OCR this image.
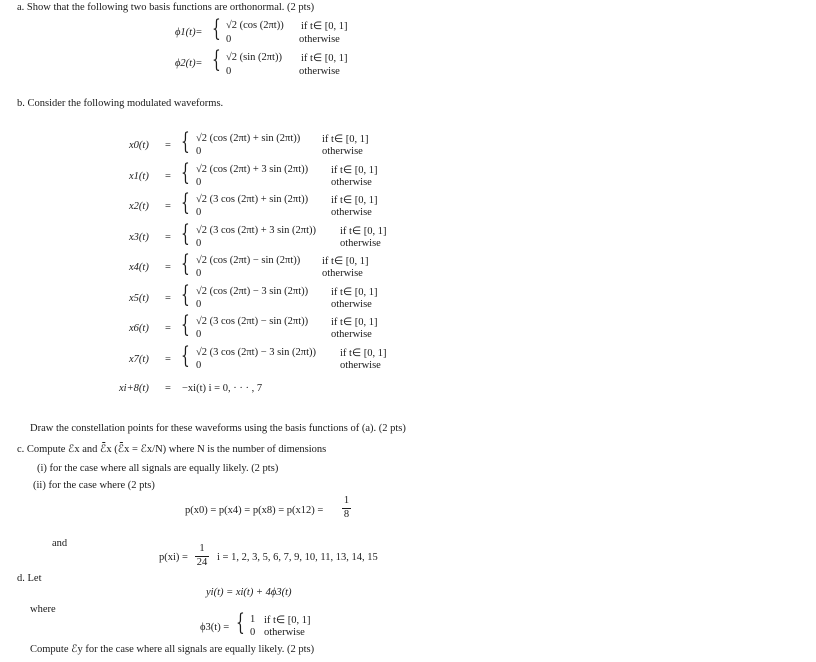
a. Show that the following two basis functions are orthonormal. (2 pts)
ϕ1(t) = { √2 (cos (2πt)) if t∈ [0, 1]
0	otherwise
ϕ2(t) = { √2 (sin (2πt)) if t∈ [0, 1]
0	otherwise
b. Consider the following modulated waveforms.
x0(t) = { √2 (cos (2πt) + sin (2πt)) if t∈ [0, 1]
0	otherwise
x1(t) = { √2 (cos (2πt) + 3 sin (2πt)) if t∈ [0, 1]
0	otherwise
x2(t) = { √2 (3 cos (2πt) + sin (2πt)) if t∈ [0, 1]
0	otherwise
x3(t) = { √2 (3 cos (2πt) + 3 sin (2πt)) if t∈ [0, 1]
0	otherwise
x4(t) = { √2 (cos (2πt) − sin (2πt)) if t∈ [0, 1]
0	otherwise
x5(t) = { √2 (cos (2πt) − 3 sin (2πt)) if t∈ [0, 1]
0	otherwise
x6(t) = { √2 (3 cos (2πt) − sin (2πt)) if t∈ [0, 1]
0	otherwise
x7(t) = { √2 (3 cos (2πt) − 3 sin (2πt)) if t∈ [0, 1]
0	otherwise
xi+8(t) = −xi(t) i = 0, · · · , 7
Draw the constellation points for these waveforms using the basis functions of (a). (2 pts)
c. Compute ℰx and ℰ̄x (ℰ̄x = ℰx/N) where N is the number of dimensions
(i) for the case where all signals are equally likely. (2 pts)
(ii) for the case where (2 pts)
p(x0) = p(x4) = p(x8) = p(x12) =
1
8
and
p(xi) =
1
24 i = 1, 2, 3, 5, 6, 7, 9, 10, 11, 13, 14, 15
d. Let
yi(t) = xi(t) + 4ϕ3(t)
where
ϕ3(t) = { 1 if t∈ [0, 1]
0 otherwise
Compute ℰy for the case where all signals are equally likely. (2 pts)
